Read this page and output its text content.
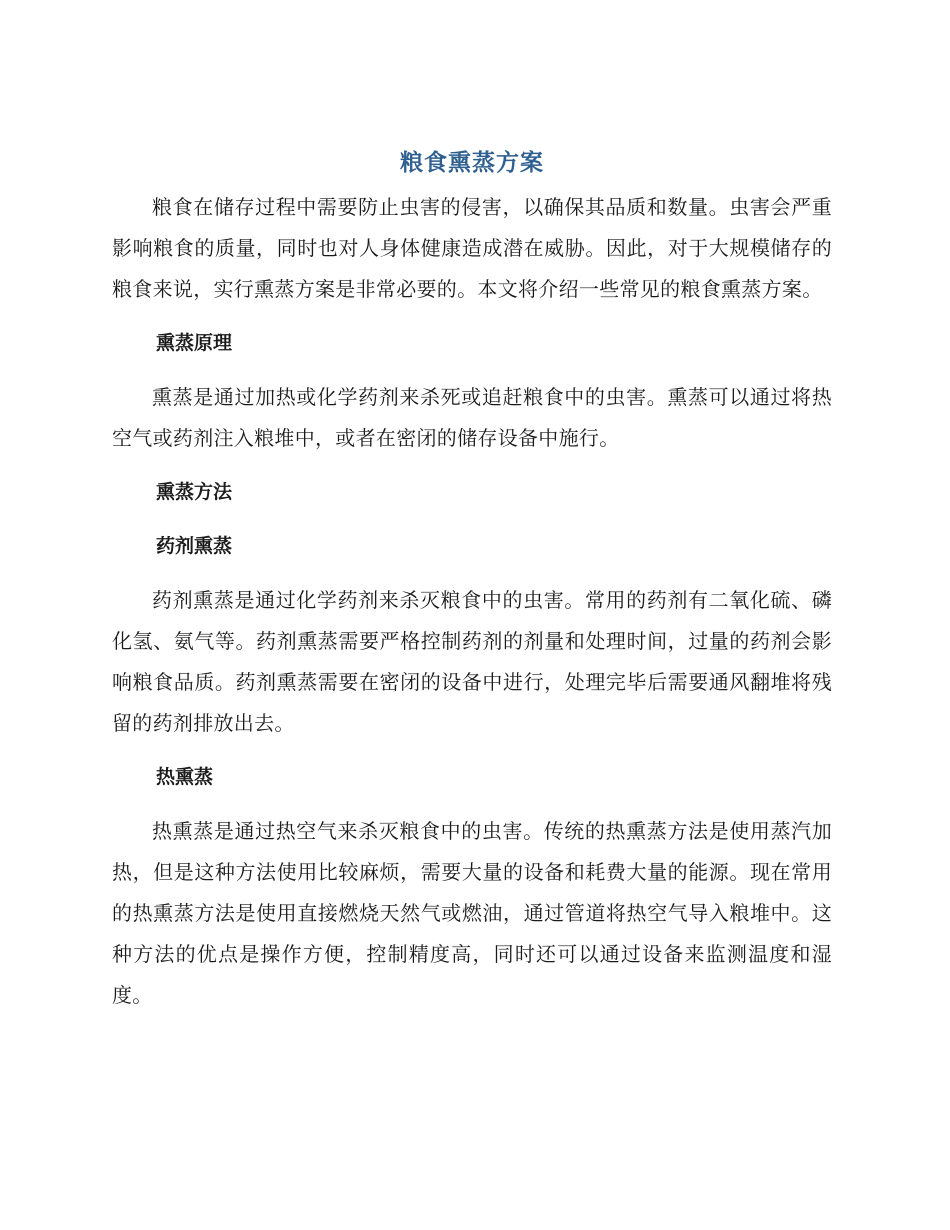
粮食熏蒸方案

粮食在储存过程中需要防止虫害的侵害，以确保其品质和数量。虫害会严重影响粮食的质量，同时也对人身体健康造成潜在威胁。因此，对于大规模储存的粮食来说，实行熏蒸方案是非常必要的。本文将介绍一些常见的粮食熏蒸方案。

熏蒸原理

熏蒸是通过加热或化学药剂来杀死或追赶粮食中的虫害。熏蒸可以通过将热空气或药剂注入粮堆中，或者在密闭的储存设备中施行。

熏蒸方法
药剂熏蒸

药剂熏蒸是通过化学药剂来杀灭粮食中的虫害。常用的药剂有二氧化硫、磷化氢、氨气等。药剂熏蒸需要严格控制药剂的剂量和处理时间，过量的药剂会影响粮食品质。药剂熏蒸需要在密闭的设备中进行，处理完毕后需要通风翻堆将残留的药剂排放出去。

热熏蒸

热熏蒸是通过热空气来杀灭粮食中的虫害。传统的热熏蒸方法是使用蒸汽加热，但是这种方法使用比较麻烦，需要大量的设备和耗费大量的能源。现在常用的热熏蒸方法是使用直接燃烧天然气或燃油，通过管道将热空气导入粮堆中。这种方法的优点是操作方便，控制精度高，同时还可以通过设备来监测温度和湿度。
